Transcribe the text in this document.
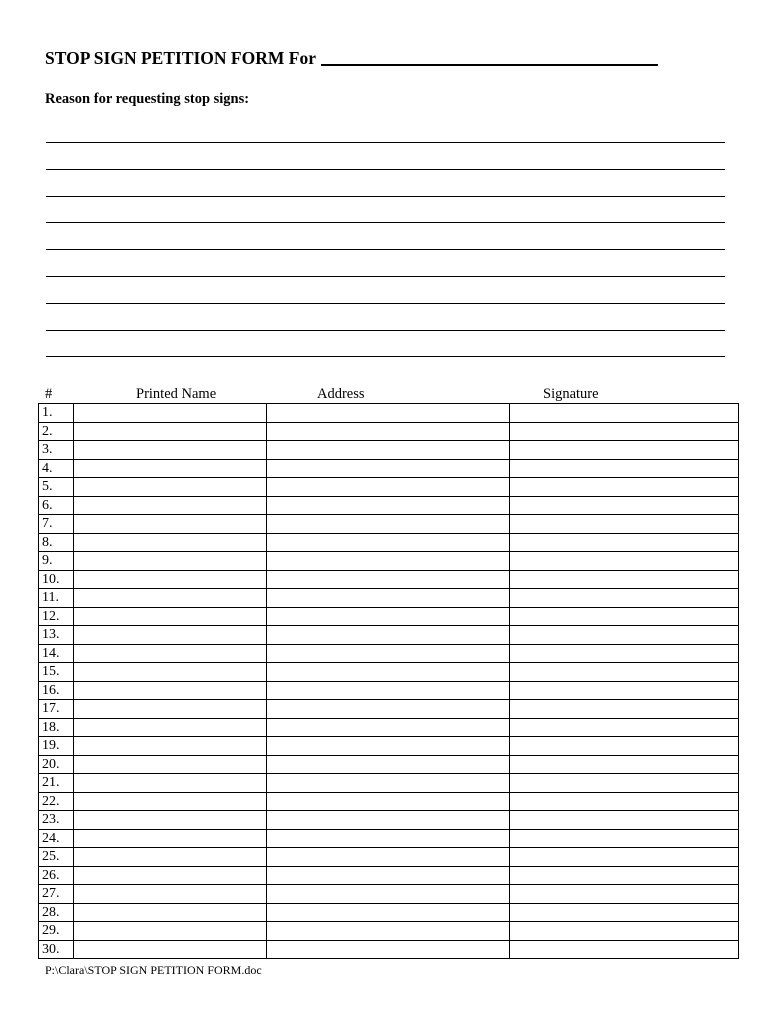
STOP SIGN PETITION FORM For
Reason for requesting stop signs:
#	Printed Name	Address	Signature
1.			
2.			
3.			
4.			
5.			
6.			
7.			
8.			
9.			
10.			
11.			
12.			
13.			
14.			
15.			
16.			
17.			
18.			
19.			
20.			
21.			
22.			
23.			
24.			
25.			
26.			
27.			
28.			
29.			
30.			
P:\Clara\STOP SIGN PETITION FORM.doc
